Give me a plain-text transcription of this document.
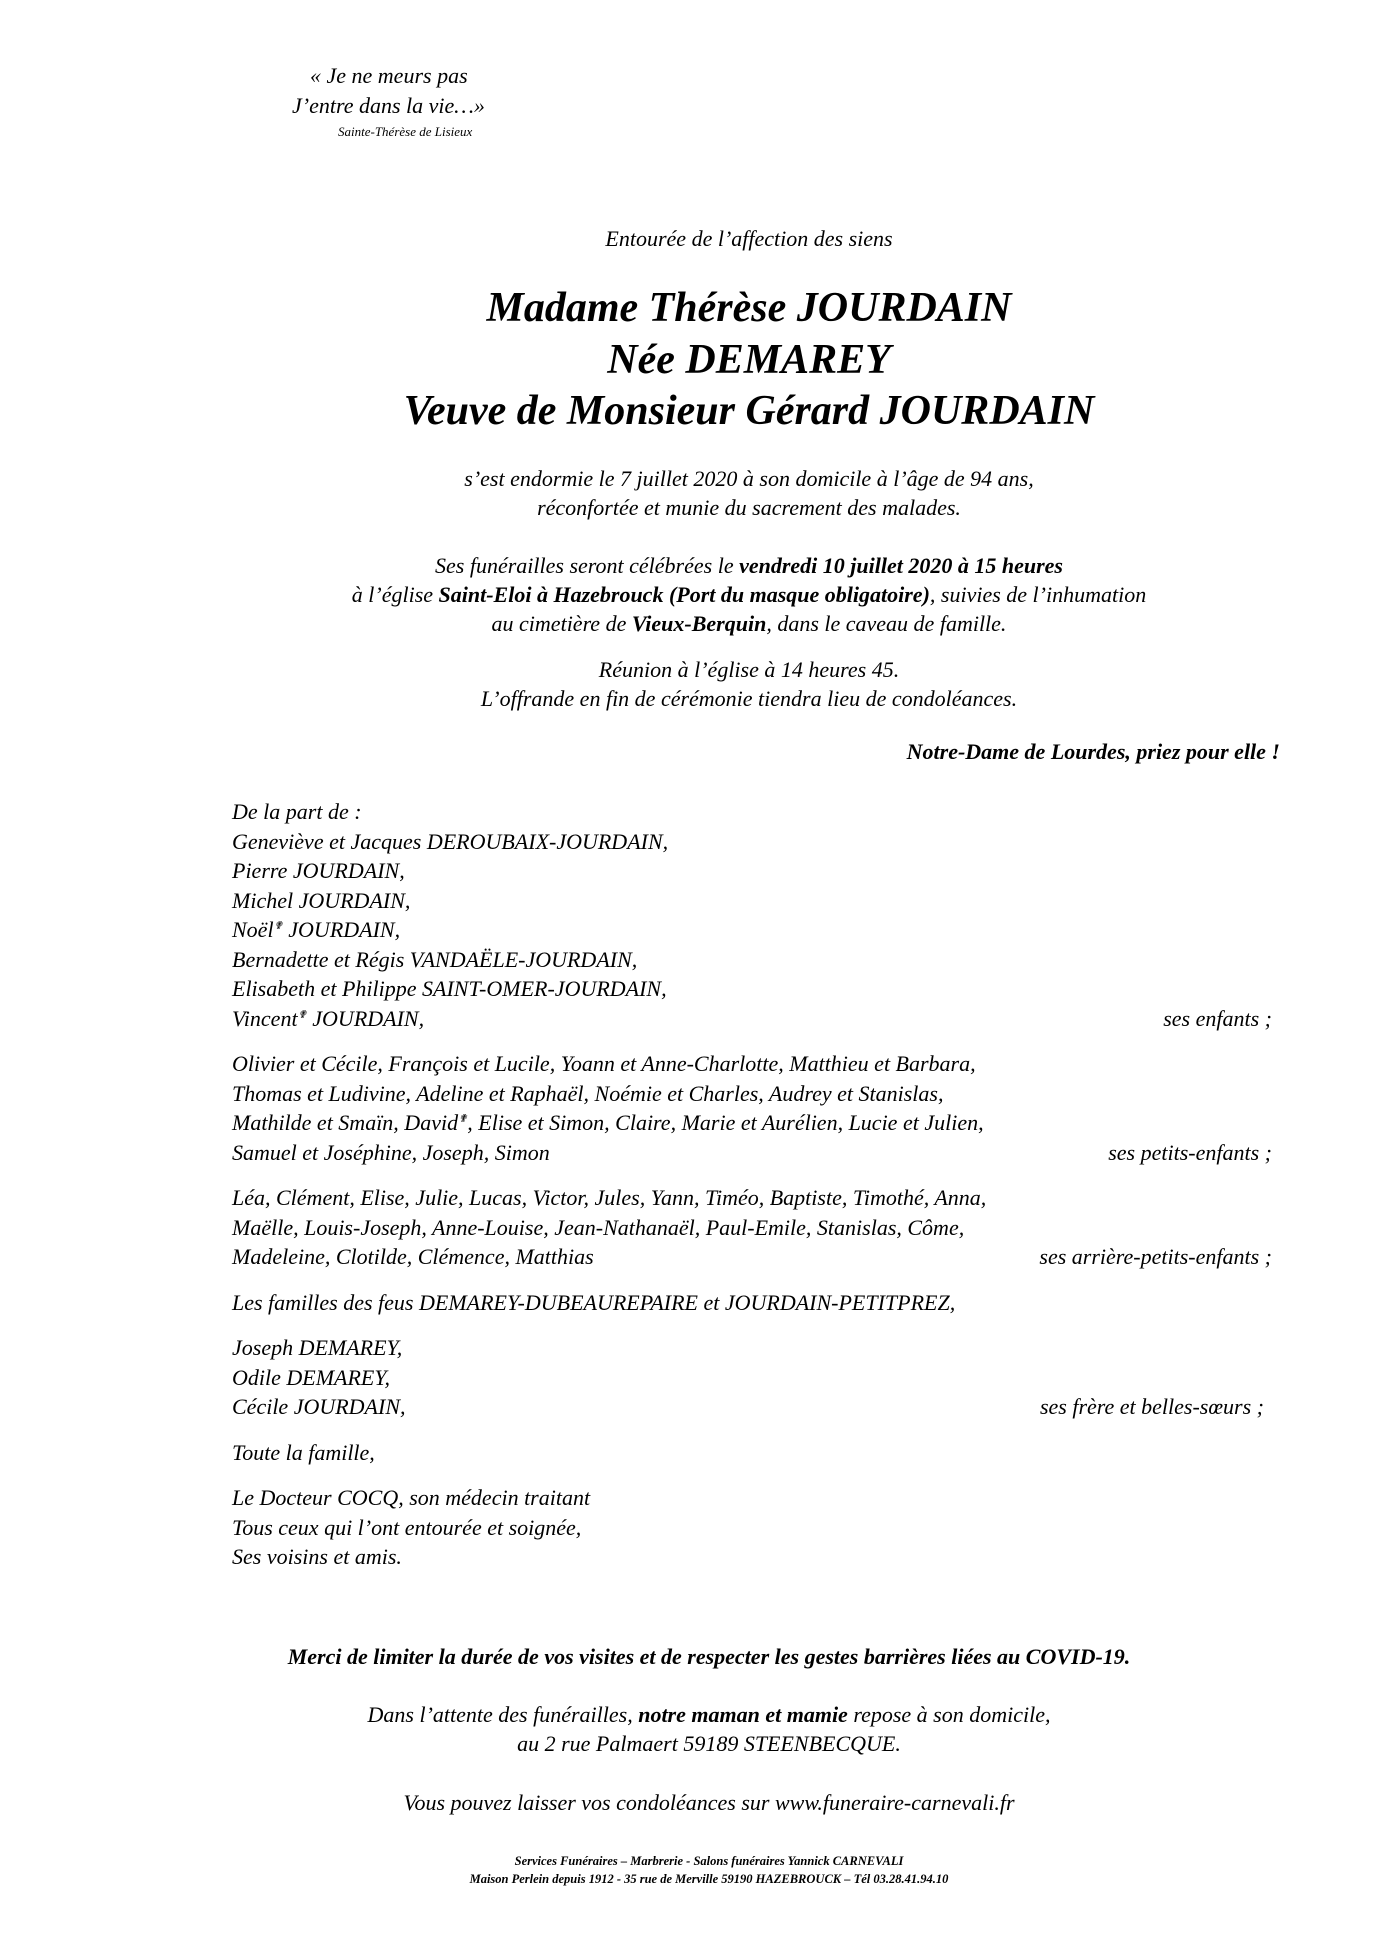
« Je ne meurs pas
J’entre dans la vie…»
Sainte-Thérèse de Lisieux
Entourée de l’affection des siens
Madame Thérèse JOURDAIN
Née DEMAREY
Veuve de Monsieur Gérard JOURDAIN
s’est endormie le 7 juillet 2020 à son domicile à l’âge de 94 ans,
réconfortée et munie du sacrement des malades.
Ses funérailles seront célébrées le vendredi 10 juillet 2020 à 15 heures
à l’église Saint-Eloi à Hazebrouck (Port du masque obligatoire), suivies de l’inhumation
au cimetière de Vieux-Berquin, dans le caveau de famille.
Réunion à l’église à 14 heures 45.
L’offrande en fin de cérémonie tiendra lieu de condoléances.
Notre-Dame de Lourdes, priez pour elle !
De la part de :
Geneviève et Jacques DEROUBAIX-JOURDAIN,
Pierre JOURDAIN,
Michel JOURDAIN,
Noël✟ JOURDAIN,
Bernadette et Régis VANDAËLE-JOURDAIN,
Elisabeth et Philippe SAINT-OMER-JOURDAIN,
Vincent✟ JOURDAIN,	ses enfants ;
Olivier et Cécile, François et Lucile, Yoann et Anne-Charlotte, Matthieu et Barbara,
Thomas et Ludivine, Adeline et Raphaël, Noémie et Charles, Audrey et Stanislas,
Mathilde et Smaïn, David✟, Elise et Simon, Claire, Marie et Aurélien, Lucie et Julien,
Samuel et Joséphine, Joseph, Simon	ses petits-enfants ;
Léa, Clément, Elise, Julie, Lucas, Victor, Jules, Yann, Timéo, Baptiste, Timothé, Anna,
Maëlle, Louis-Joseph, Anne-Louise, Jean-Nathanaël, Paul-Emile, Stanislas, Côme,
Madeleine, Clotilde, Clémence, Matthias	ses arrière-petits-enfants ;
Les familles des feus DEMAREY-DUBEAUREPAIRE et JOURDAIN-PETITPREZ,
Joseph DEMAREY,
Odile DEMAREY,
Cécile JOURDAIN,	ses frère et belles-sœurs ;
Toute la famille,
Le Docteur COCQ, son médecin traitant
Tous ceux qui l’ont entourée et soignée,
Ses voisins et amis.
Merci de limiter la durée de vos visites et de respecter les gestes barrières liées au COVID-19.
Dans l’attente des funérailles, notre maman et mamie repose à son domicile,
au 2 rue Palmaert 59189 STEENBECQUE.
Vous pouvez laisser vos condoléances sur www.funeraire-carnevali.fr
Services Funéraires – Marbrerie - Salons funéraires Yannick CARNEVALI
Maison Perlein depuis 1912 - 35 rue de Merville 59190 HAZEBROUCK – Tél 03.28.41.94.10
